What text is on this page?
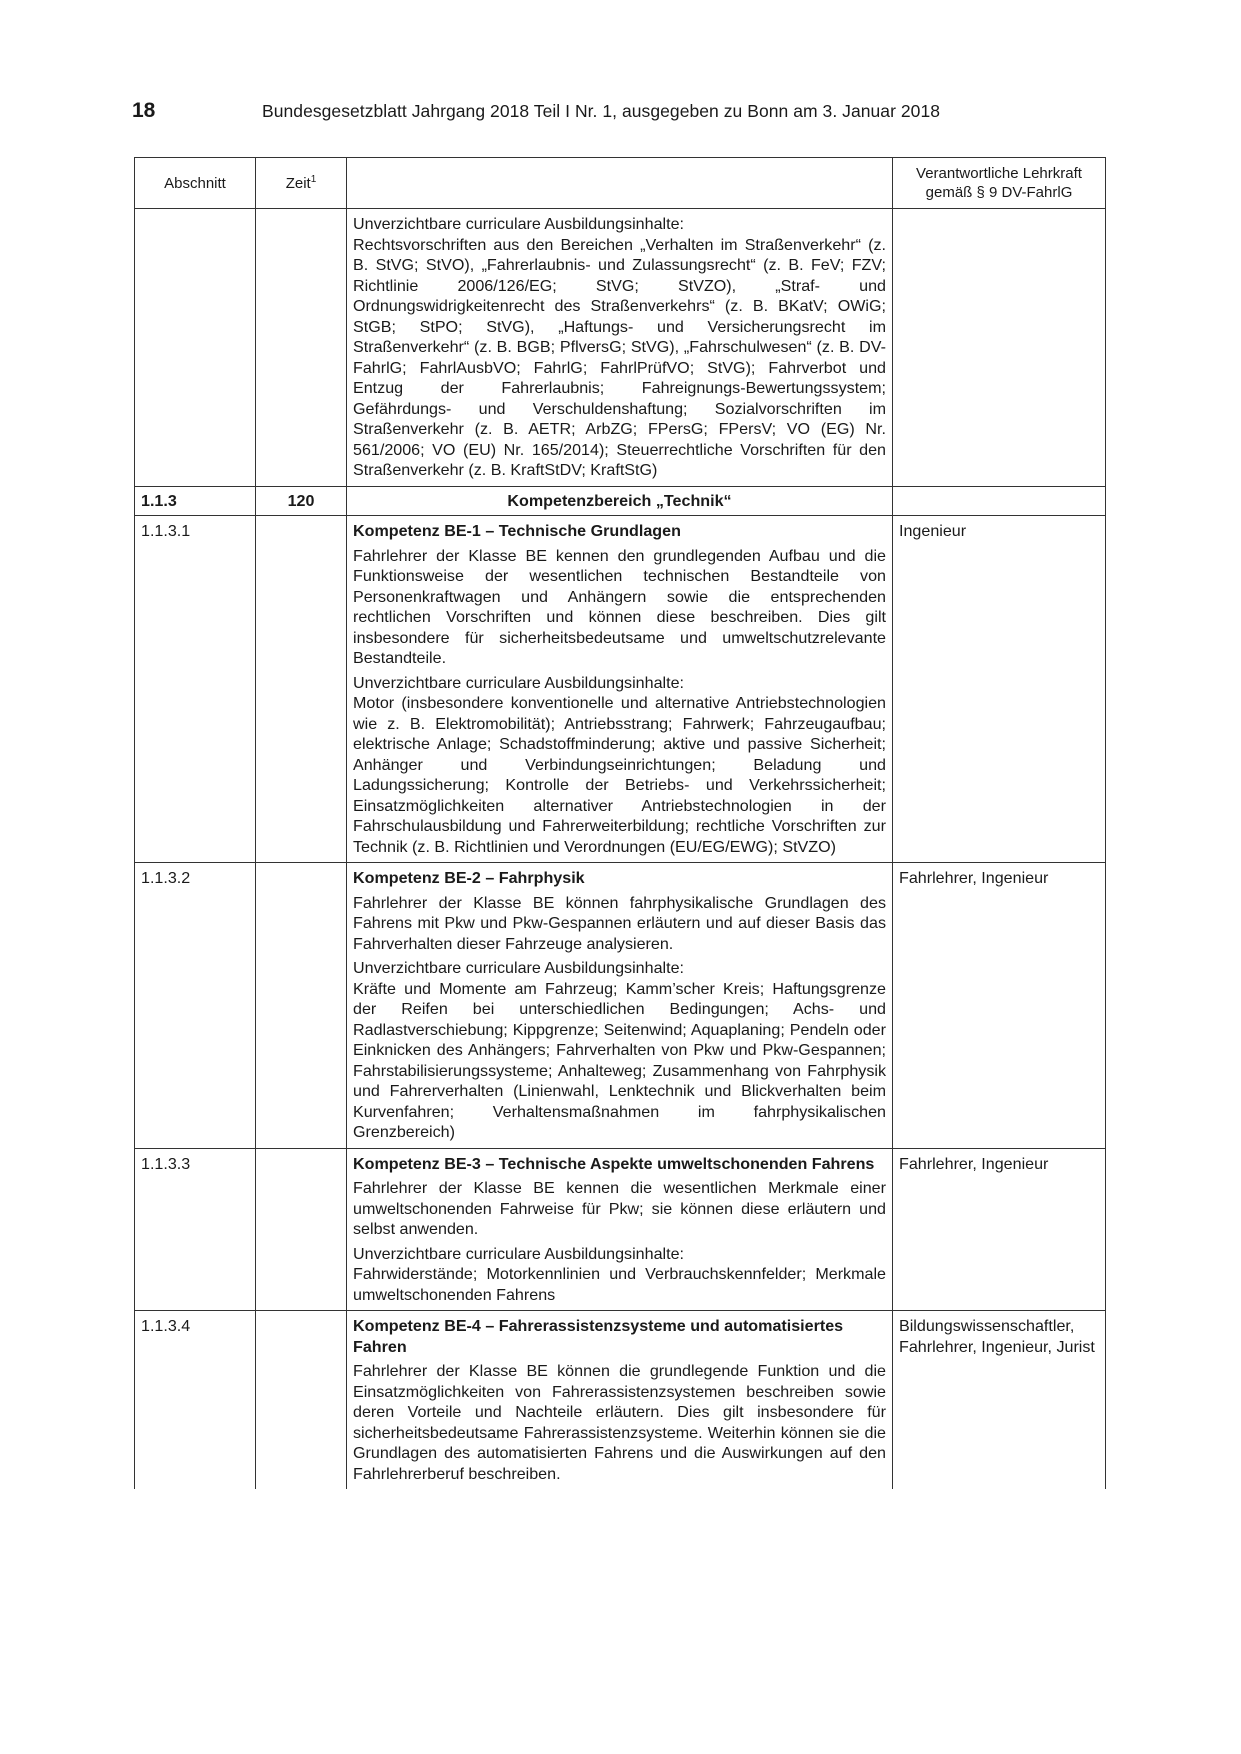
18	Bundesgesetzblatt Jahrgang 2018 Teil I Nr. 1, ausgegeben zu Bonn am 3. Januar 2018
Abschnitt	Zeit$^1$		Verantwortliche Lehrkraft gemäß § 9 DV-FahrlG

		Unverzichtbare curriculare Ausbildungsinhalte:
Rechtsvorschriften aus den Bereichen „Verhalten im Straßenverkehr“ (z. B. StVG; StVO), „Fahrerlaubnis- und Zulassungsrecht“ (z. B. FeV; FZV; Richtlinie 2006/126/EG; StVG; StVZO), „Straf- und Ordnungswidrigkeitenrecht des Straßenverkehrs“ (z. B. BKatV; OWiG; StGB; StPO; StVG), „Haftungs- und Versicherungsrecht im Straßenverkehr“ (z. B. BGB; PflversG; StVG), „Fahrschulwesen“ (z. B. DV-FahrlG; FahrlAusbVO; FahrlG; FahrlPrüfVO; StVG); Fahrverbot und Entzug der Fahrerlaubnis; Fahreignungs-Bewertungssystem; Gefährdungs- und Verschuldenshaftung; Sozialvorschriften im Straßenverkehr (z. B. AETR; ArbZG; FPersG; FPersV; VO (EG) Nr. 561/2006; VO (EU) Nr. 165/2014); Steuerrechtliche Vorschriften für den Straßenverkehr (z. B. KraftStDV; KraftStG)	

1.1.3	120	Kompetenzbereich „Technik“	
1.1.3.1		Kompetenz BE-1 – Technische Grundlagen
Fahrlehrer der Klasse BE kennen den grundlegenden Aufbau und die Funktionsweise der wesentlichen technischen Bestandteile von Personenkraftwagen und Anhängern sowie die entsprechenden rechtlichen Vorschriften und können diese beschreiben. Dies gilt insbesondere für sicherheitsbedeutsame und umweltschutzrelevante Bestandteile.
Unverzichtbare curriculare Ausbildungsinhalte:
Motor (insbesondere konventionelle und alternative Antriebstechnologien wie z. B. Elektromobilität); Antriebsstrang; Fahrwerk; Fahrzeugaufbau; elektrische Anlage; Schadstoffminderung; aktive und passive Sicherheit; Anhänger und Verbindungseinrichtungen; Beladung und Ladungssicherung; Kontrolle der Betriebs- und Verkehrssicherheit; Einsatzmöglichkeiten alternativer Antriebstechnologien in der Fahrschulausbildung und Fahrerweiterbildung; rechtliche Vorschriften zur Technik (z. B. Richtlinien und Verordnungen (EU/EG/EWG); StVZO)	Ingenieur
1.1.3.2		Kompetenz BE-2 – Fahrphysik
Fahrlehrer der Klasse BE können fahrphysikalische Grundlagen des Fahrens mit Pkw und Pkw-Gespannen erläutern und auf dieser Basis das Fahrverhalten dieser Fahrzeuge analysieren.
Unverzichtbare curriculare Ausbildungsinhalte:
Kräfte und Momente am Fahrzeug; Kamm’scher Kreis; Haftungsgrenze der Reifen bei unterschiedlichen Bedingungen; Achs- und Radlastverschiebung; Kippgrenze; Seitenwind; Aquaplaning; Pendeln oder Einknicken des Anhängers; Fahrverhalten von Pkw und Pkw-Gespannen; Fahrstabilisierungssysteme; Anhalteweg; Zusammenhang von Fahrphysik und Fahrerverhalten (Linienwahl, Lenktechnik und Blickverhalten beim Kurvenfahren; Verhaltensmaßnahmen im fahrphysikalischen Grenzbereich)	Fahrlehrer, Ingenieur
1.1.3.3		Kompetenz BE-3 – Technische Aspekte umweltschonenden Fahrens
Fahrlehrer der Klasse BE kennen die wesentlichen Merkmale einer umweltschonenden Fahrweise für Pkw; sie können diese erläutern und selbst anwenden.
Unverzichtbare curriculare Ausbildungsinhalte:
Fahrwiderstände; Motorkennlinien und Verbrauchskennfelder; Merkmale umweltschonenden Fahrens	Fahrlehrer, Ingenieur
1.1.3.4		Kompetenz BE-4 – Fahrerassistenzsysteme und automatisiertes Fahren
Fahrlehrer der Klasse BE können die grundlegende Funktion und die Einsatzmöglichkeiten von Fahrerassistenzsystemen beschreiben sowie deren Vorteile und Nachteile erläutern. Dies gilt insbesondere für sicherheitsbedeutsame Fahrerassistenzsysteme. Weiterhin können sie die Grundlagen des automatisierten Fahrens und die Auswirkungen auf den Fahrlehrerberuf beschreiben.	Bildungswissenschaftler, Fahrlehrer, Ingenieur, Jurist
